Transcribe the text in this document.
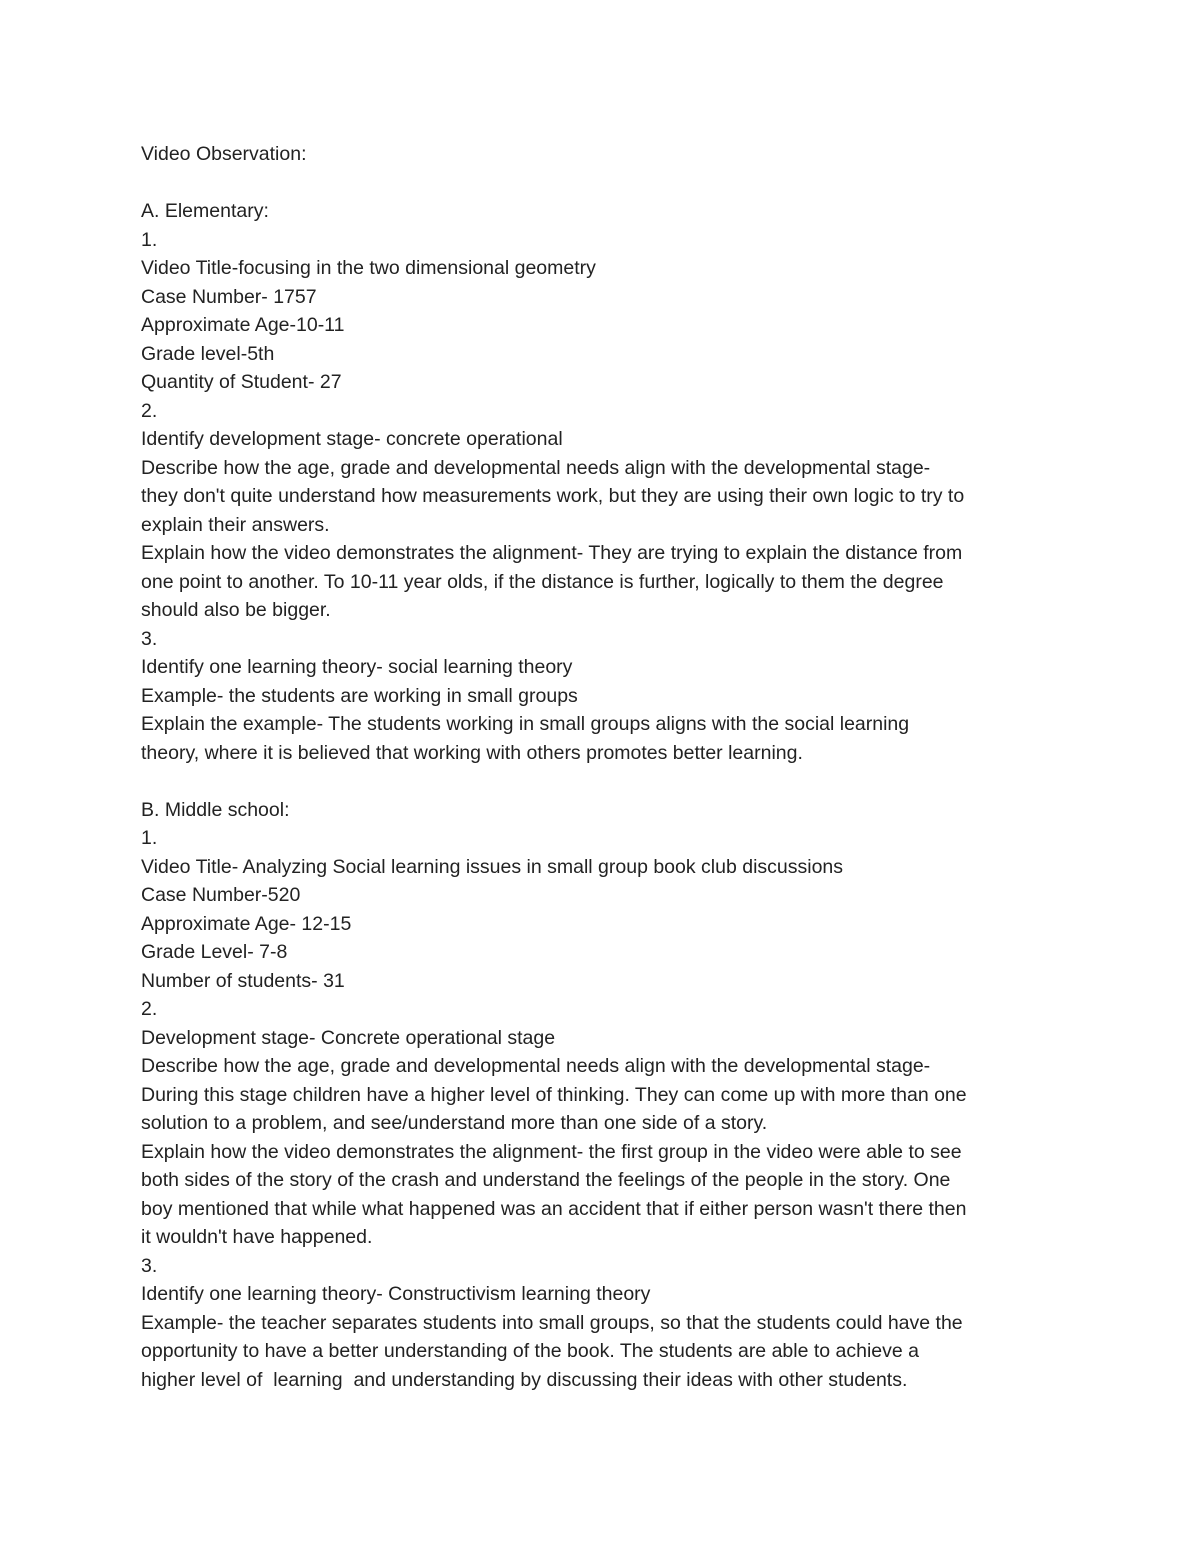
Video Observation:

A. Elementary:

1.

Video Title-focusing in the two dimensional geometry

Case Number- 1757

Approximate Age-10-11

Grade level-5th

Quantity of Student- 27

2.

Identify development stage- concrete operational

Describe how the age, grade and developmental needs align with the developmental stage-

they don't quite understand how measurements work, but they are using their own logic to try to

explain their answers.

Explain how the video demonstrates the alignment- They are trying to explain the distance from

one point to another. To 10-11 year olds, if the distance is further, logically to them the degree

should also be bigger.

3.

Identify one learning theory- social learning theory

Example- the students are working in small groups

Explain the example- The students working in small groups aligns with the social learning

theory, where it is believed that working with others promotes better learning.

B. Middle school:

1.

Video Title- Analyzing Social learning issues in small group book club discussions

Case Number-520

Approximate Age- 12-15

Grade Level- 7-8

Number of students- 31

2.

Development stage- Concrete operational stage

Describe how the age, grade and developmental needs align with the developmental stage-

During this stage children have a higher level of thinking. They can come up with more than one

solution to a problem, and see/understand more than one side of a story.

Explain how the video demonstrates the alignment- the first group in the video were able to see

both sides of the story of the crash and understand the feelings of the people in the story. One

boy mentioned that while what happened was an accident that if either person wasn't there then

it wouldn't have happened.

3.

Identify one learning theory- Constructivism learning theory

Example- the teacher separates students into small groups, so that the students could have the

opportunity to have a better understanding of the book. The students are able to achieve a

higher level of  learning  and understanding by discussing their ideas with other students.
